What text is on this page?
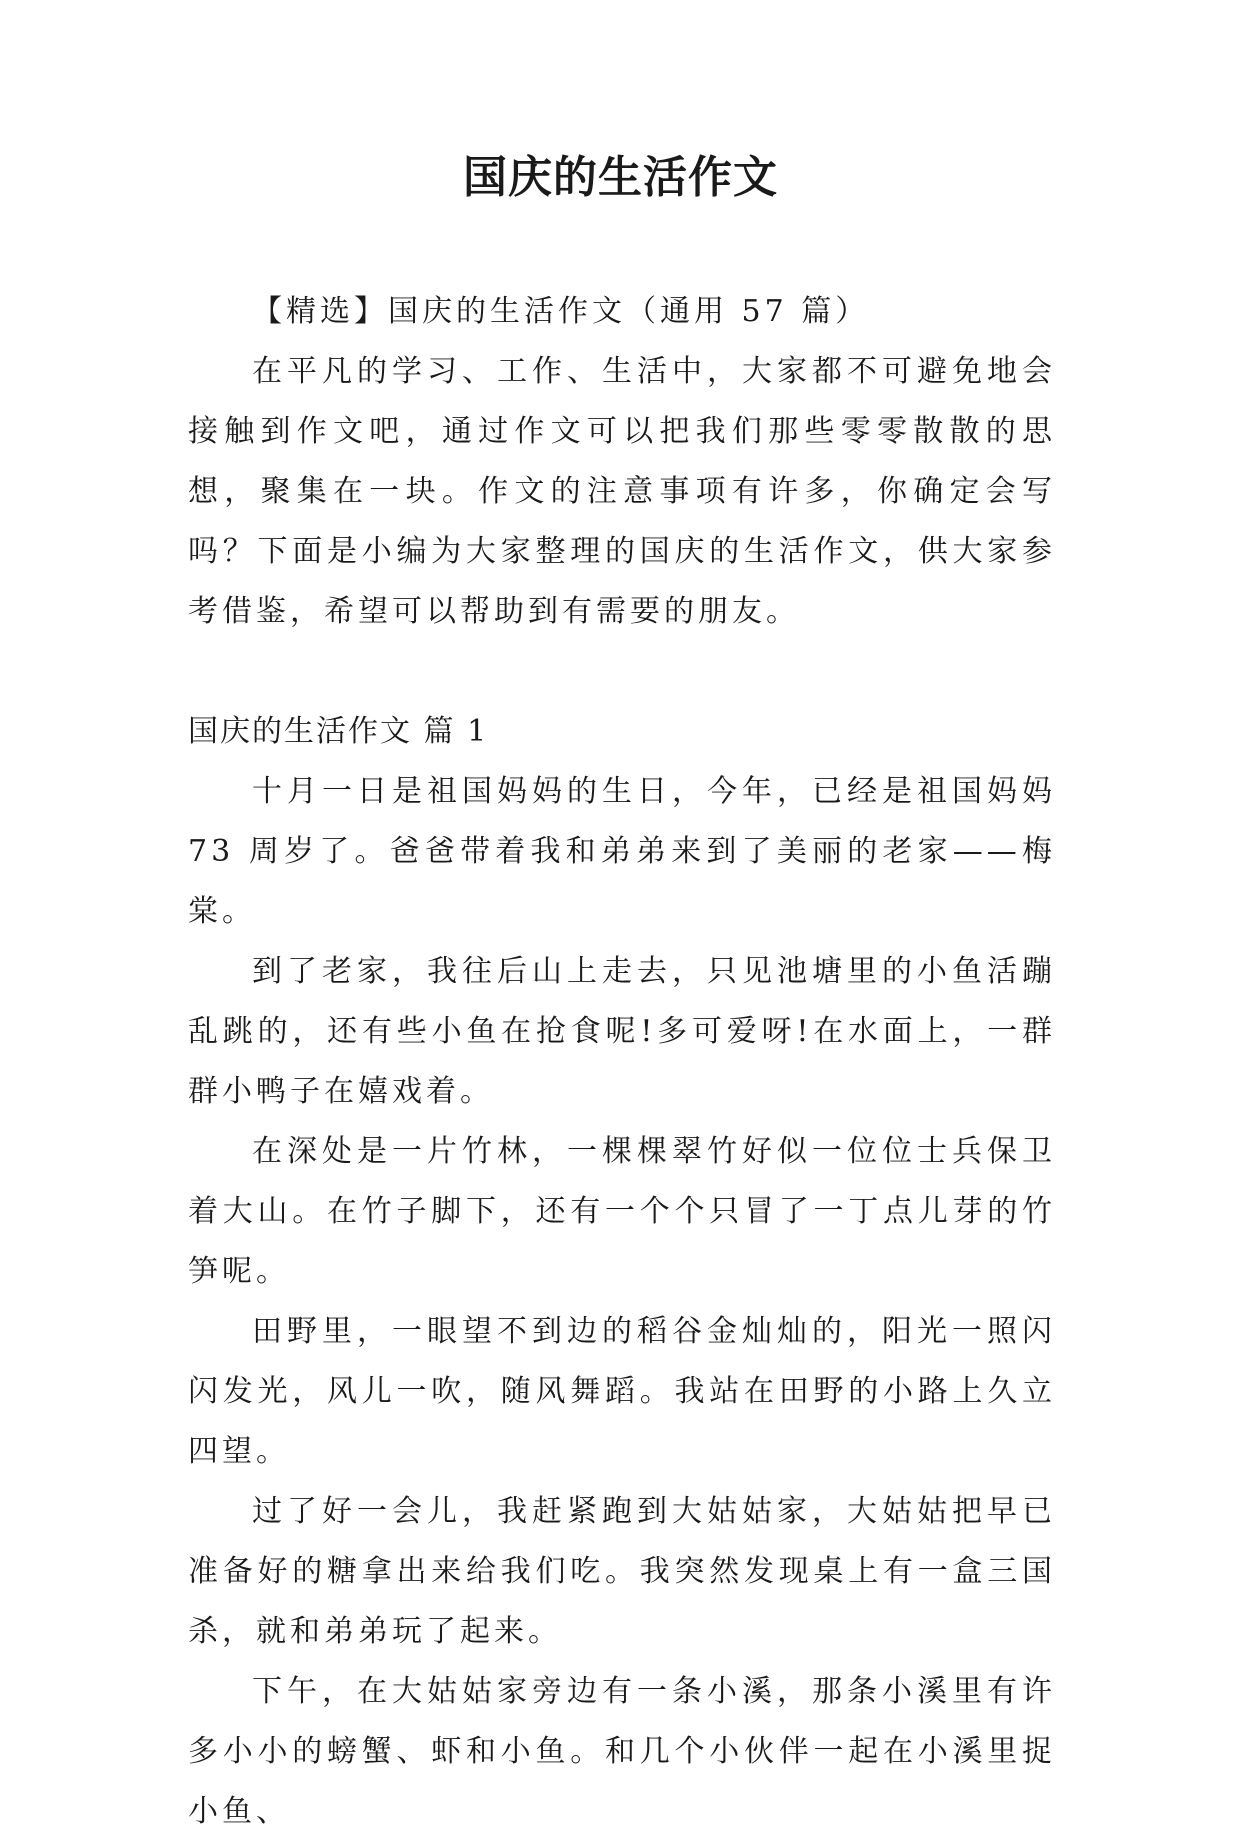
国庆的生活作文

【精选】国庆的生活作文（通用 57 篇）

在平凡的学习、工作、生活中，大家都不可避免地会接触到作文吧，通过作文可以把我们那些零零散散的思想，聚集在一块。作文的注意事项有许多，你确定会写吗？下面是小编为大家整理的国庆的生活作文，供大家参考借鉴，希望可以帮助到有需要的朋友。

国庆的生活作文 篇 1

十月一日是祖国妈妈的生日，今年，已经是祖国妈妈 73 周岁了。爸爸带着我和弟弟来到了美丽的老家——梅棠。

到了老家，我往后山上走去，只见池塘里的小鱼活蹦乱跳的，还有些小鱼在抢食呢!多可爱呀!在水面上，一群群小鸭子在嬉戏着。

在深处是一片竹林，一棵棵翠竹好似一位位士兵保卫着大山。在竹子脚下，还有一个个只冒了一丁点儿芽的竹笋呢。

田野里，一眼望不到边的稻谷金灿灿的，阳光一照闪闪发光，风儿一吹，随风舞蹈。我站在田野的小路上久立四望。

过了好一会儿，我赶紧跑到大姑姑家，大姑姑把早已准备好的糖拿出来给我们吃。我突然发现桌上有一盒三国杀，就和弟弟玩了起来。

下午，在大姑姑家旁边有一条小溪，那条小溪里有许多小小的螃蟹、虾和小鱼。和几个小伙伴一起在小溪里捉小鱼、
